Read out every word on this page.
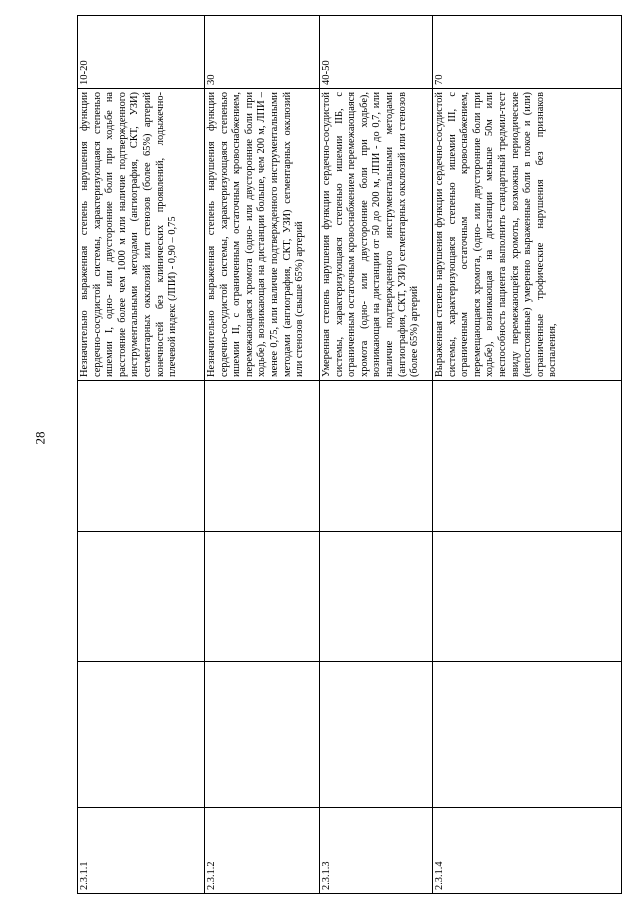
28
2.3.1.1				Незначительно выраженная степень нарушения функции сердечно-сосудистой системы, характеризующаяся степенью ишемии I, одно- или двусторонние боли при ходьбе на расстояние более чем 1000 м или наличие подтвержденного инструментальными методами (ангиография, СКТ, УЗИ) сегментарных окклюзий или стенозов (более 65%) артерий конечностей без клинических проявлений, лодыжечно-плечевой индекс (ЛПИ) - 0,90 – 0,75	10-20
2.3.1.2				Незначительно выраженная степень нарушения функции сердечно-сосудистой системы, характеризующаяся степенью ишемии II, с ограниченным остаточным кровоснабжением, перемежающаяся хромота (одно- или двусторонние боли при ходьбе), возникающая на дистанции больше, чем 200 м, ЛПИ – менее 0,75, или наличие подтвержденного инструментальными методами (ангиография, СКТ, УЗИ) сегментарных окклюзий или стенозов (свыше 65%) артерий	30
2.3.1.3				Умеренная степень нарушения функции сердечно-сосудистой системы, характеризующаяся степенью ишемии IIБ, с ограниченным остаточным кровоснабжением перемежающаяся хромота (одно- или двусторонние боли при ходьбе), возникающая на дистанции от 50 до 200 м, ЛПИ - до 0,7, или наличие подтвержденного инструментальными методами (ангиография, СКТ, УЗИ) сегментарных окклюзий или стенозов (более 65%) артерий	40-50
2.3.1.4				Выраженная степень нарушения функции сердечно-сосудистой системы, характеризующаяся степенью ишемии III, с ограниченным остаточным кровоснабжением, перемещающаяся хромота, (одно- или двусторонние боли при ходьбе), возникающая на дистанции меньше 50м или неспособность пациента выполнить стандартный тредмил-тест ввиду перемежающейся хромоты, возможны периодические (непостоянные) умеренно выраженные боли в покое и (или) ограниченные трофические нарушения без признаков воспаления,	70
